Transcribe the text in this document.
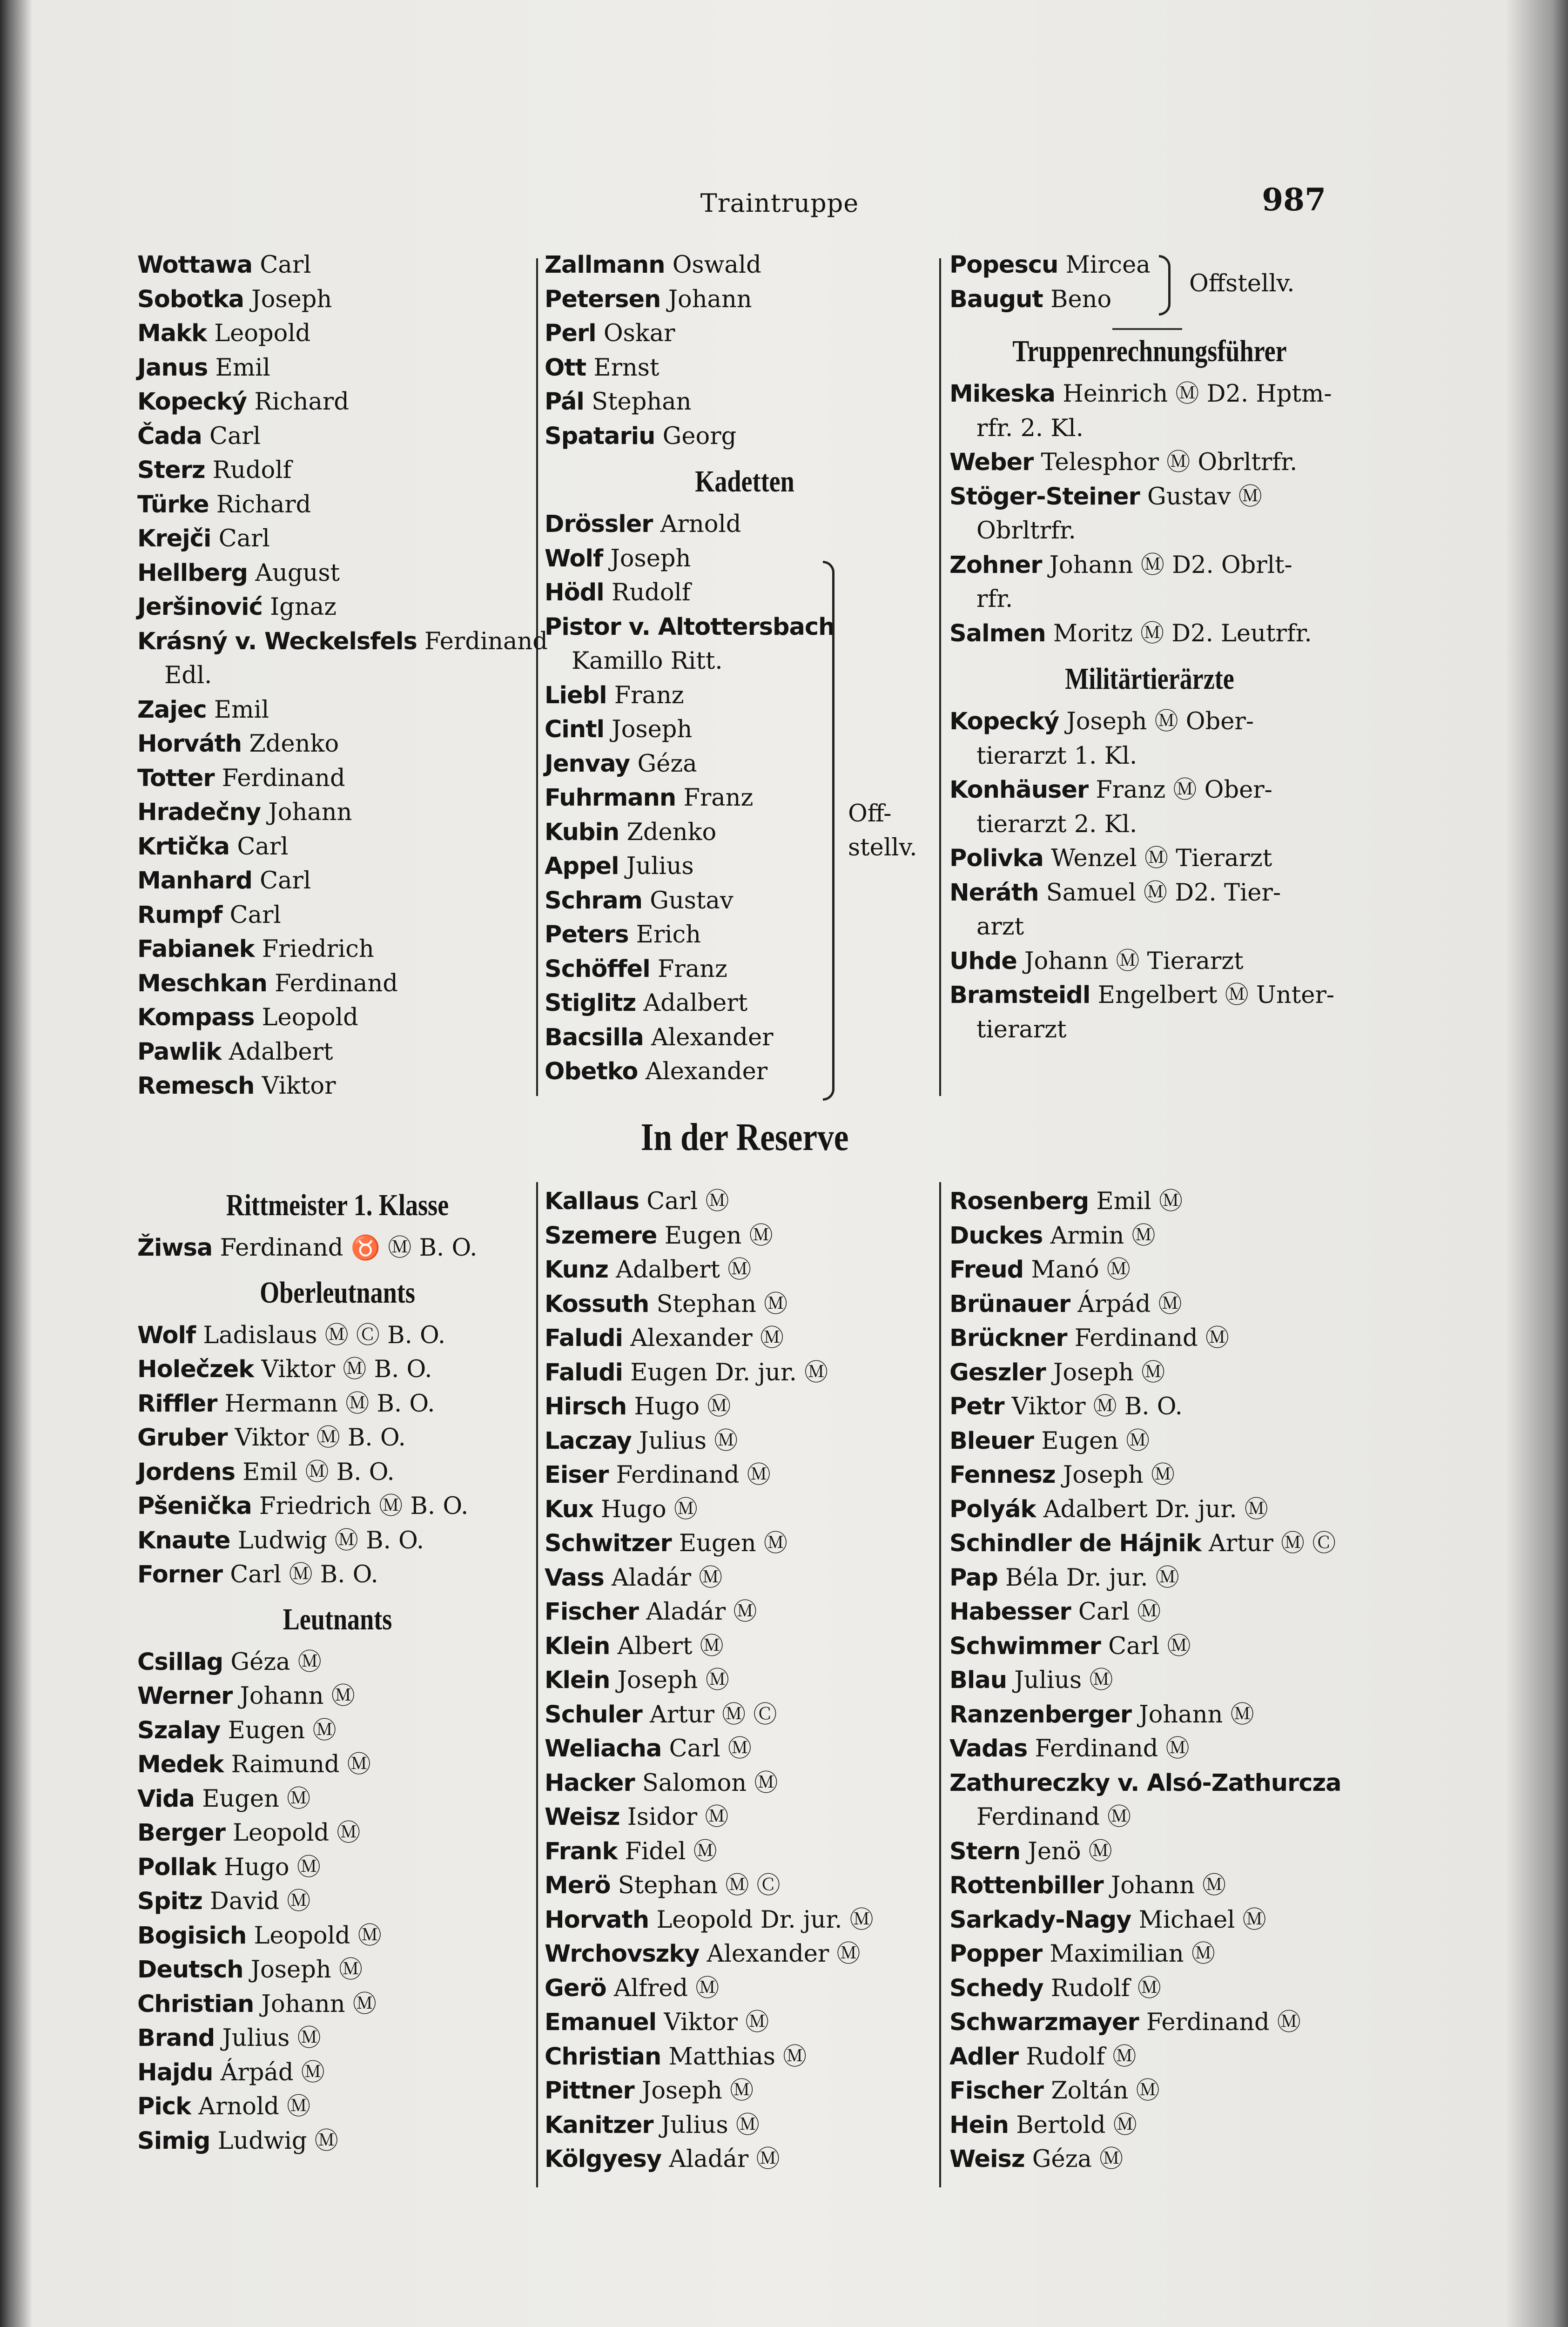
Traintruppe	987
Wottawa Carl
Sobotka Joseph
Makk Leopold
Janus Emil
Kopecký Richard
Čada Carl
Sterz Rudolf
Türke Richard
Krejči Carl
Hellberg August
Jeršinović Ignaz
Krásný v. Weckelsfels Ferdinand
Edl.
Zajec Emil
Horváth Zdenko
Totter Ferdinand
Hradečny Johann
Krtička Carl
Manhard Carl
Rumpf Carl
Fabianek Friedrich
Meschkan Ferdinand
Kompass Leopold
Pawlik Adalbert
Remesch Viktor
Zallmann Oswald
Petersen Johann
Perl Oskar
Ott Ernst
Pál Stephan
Spatariu Georg
Kadetten
Drössler Arnold
Wolf Joseph
Hödl Rudolf
Pistor v. Altottersbach
Kamillo Ritt.
Liebl Franz
Cintl Joseph
Jenvay Géza
Fuhrmann Franz
Kubin Zdenko
Appel Julius
Schram Gustav
Peters Erich
Schöffel Franz
Stiglitz Adalbert
Bacsilla Alexander
Obetko Alexander
Off-
stellv.
Popescu Mircea
Baugut Beno
Truppenrechnungsführer
Mikeska Heinrich Ⓜ D2. Hptm-
rfr. 2. Kl.
Weber Telesphor Ⓜ Obrltrfr.
Stöger-Steiner Gustav Ⓜ
Obrltrfr.
Zohner Johann Ⓜ D2. Obrlt-
rfr.
Salmen Moritz Ⓜ D2. Leutrfr.
Militärtierärzte
Kopecký Joseph Ⓜ Ober-
tierarzt 1. Kl.
Konhäuser Franz Ⓜ Ober-
tierarzt 2. Kl.
Polivka Wenzel Ⓜ Tierarzt
Neráth Samuel Ⓜ D2. Tier-
arzt
Uhde Johann Ⓜ Tierarzt
Bramsteidl Engelbert Ⓜ Unter-
tierarzt
Offstellv.
In der Reserve
Rittmeister 1. Klasse
Žiwsa Ferdinand ♉ Ⓜ B. O.
Oberleutnants
Wolf Ladislaus Ⓜ Ⓒ B. O.
Holečzek Viktor Ⓜ B. O.
Riffler Hermann Ⓜ B. O.
Gruber Viktor Ⓜ B. O.
Jordens Emil Ⓜ B. O.
Pšenička Friedrich Ⓜ B. O.
Knaute Ludwig Ⓜ B. O.
Forner Carl Ⓜ B. O.
Leutnants
Csillag Géza Ⓜ
Werner Johann Ⓜ
Szalay Eugen Ⓜ
Medek Raimund Ⓜ
Vida Eugen Ⓜ
Berger Leopold Ⓜ
Pollak Hugo Ⓜ
Spitz David Ⓜ
Bogisich Leopold Ⓜ
Deutsch Joseph Ⓜ
Christian Johann Ⓜ
Brand Julius Ⓜ
Hajdu Árpád Ⓜ
Pick Arnold Ⓜ
Simig Ludwig Ⓜ
Kallaus Carl Ⓜ
Szemere Eugen Ⓜ
Kunz Adalbert Ⓜ
Kossuth Stephan Ⓜ
Faludi Alexander Ⓜ
Faludi Eugen Dr. jur. Ⓜ
Hirsch Hugo Ⓜ
Laczay Julius Ⓜ
Eiser Ferdinand Ⓜ
Kux Hugo Ⓜ
Schwitzer Eugen Ⓜ
Vass Aladár Ⓜ
Fischer Aladár Ⓜ
Klein Albert Ⓜ
Klein Joseph Ⓜ
Schuler Artur Ⓜ Ⓒ
Weliacha Carl Ⓜ
Hacker Salomon Ⓜ
Weisz Isidor Ⓜ
Frank Fidel Ⓜ
Merö Stephan Ⓜ Ⓒ
Horvath Leopold Dr. jur. Ⓜ
Wrchovszky Alexander Ⓜ
Gerö Alfred Ⓜ
Emanuel Viktor Ⓜ
Christian Matthias Ⓜ
Pittner Joseph Ⓜ
Kanitzer Julius Ⓜ
Kölgyesy Aladár Ⓜ
Rosenberg Emil Ⓜ
Duckes Armin Ⓜ
Freud Manó Ⓜ
Brünauer Árpád Ⓜ
Brückner Ferdinand Ⓜ
Geszler Joseph Ⓜ
Petr Viktor Ⓜ B. O.
Bleuer Eugen Ⓜ
Fennesz Joseph Ⓜ
Polyák Adalbert Dr. jur. Ⓜ
Schindler de Hájnik Artur Ⓜ Ⓒ
Pap Béla Dr. jur. Ⓜ
Habesser Carl Ⓜ
Schwimmer Carl Ⓜ
Blau Julius Ⓜ
Ranzenberger Johann Ⓜ
Vadas Ferdinand Ⓜ
Zathureczky v. Alsó-Zathurcza
Ferdinand Ⓜ
Stern Jenö Ⓜ
Rottenbiller Johann Ⓜ
Sarkady-Nagy Michael Ⓜ
Popper Maximilian Ⓜ
Schedy Rudolf Ⓜ
Schwarzmayer Ferdinand Ⓜ
Adler Rudolf Ⓜ
Fischer Zoltán Ⓜ
Hein Bertold Ⓜ
Weisz Géza Ⓜ
